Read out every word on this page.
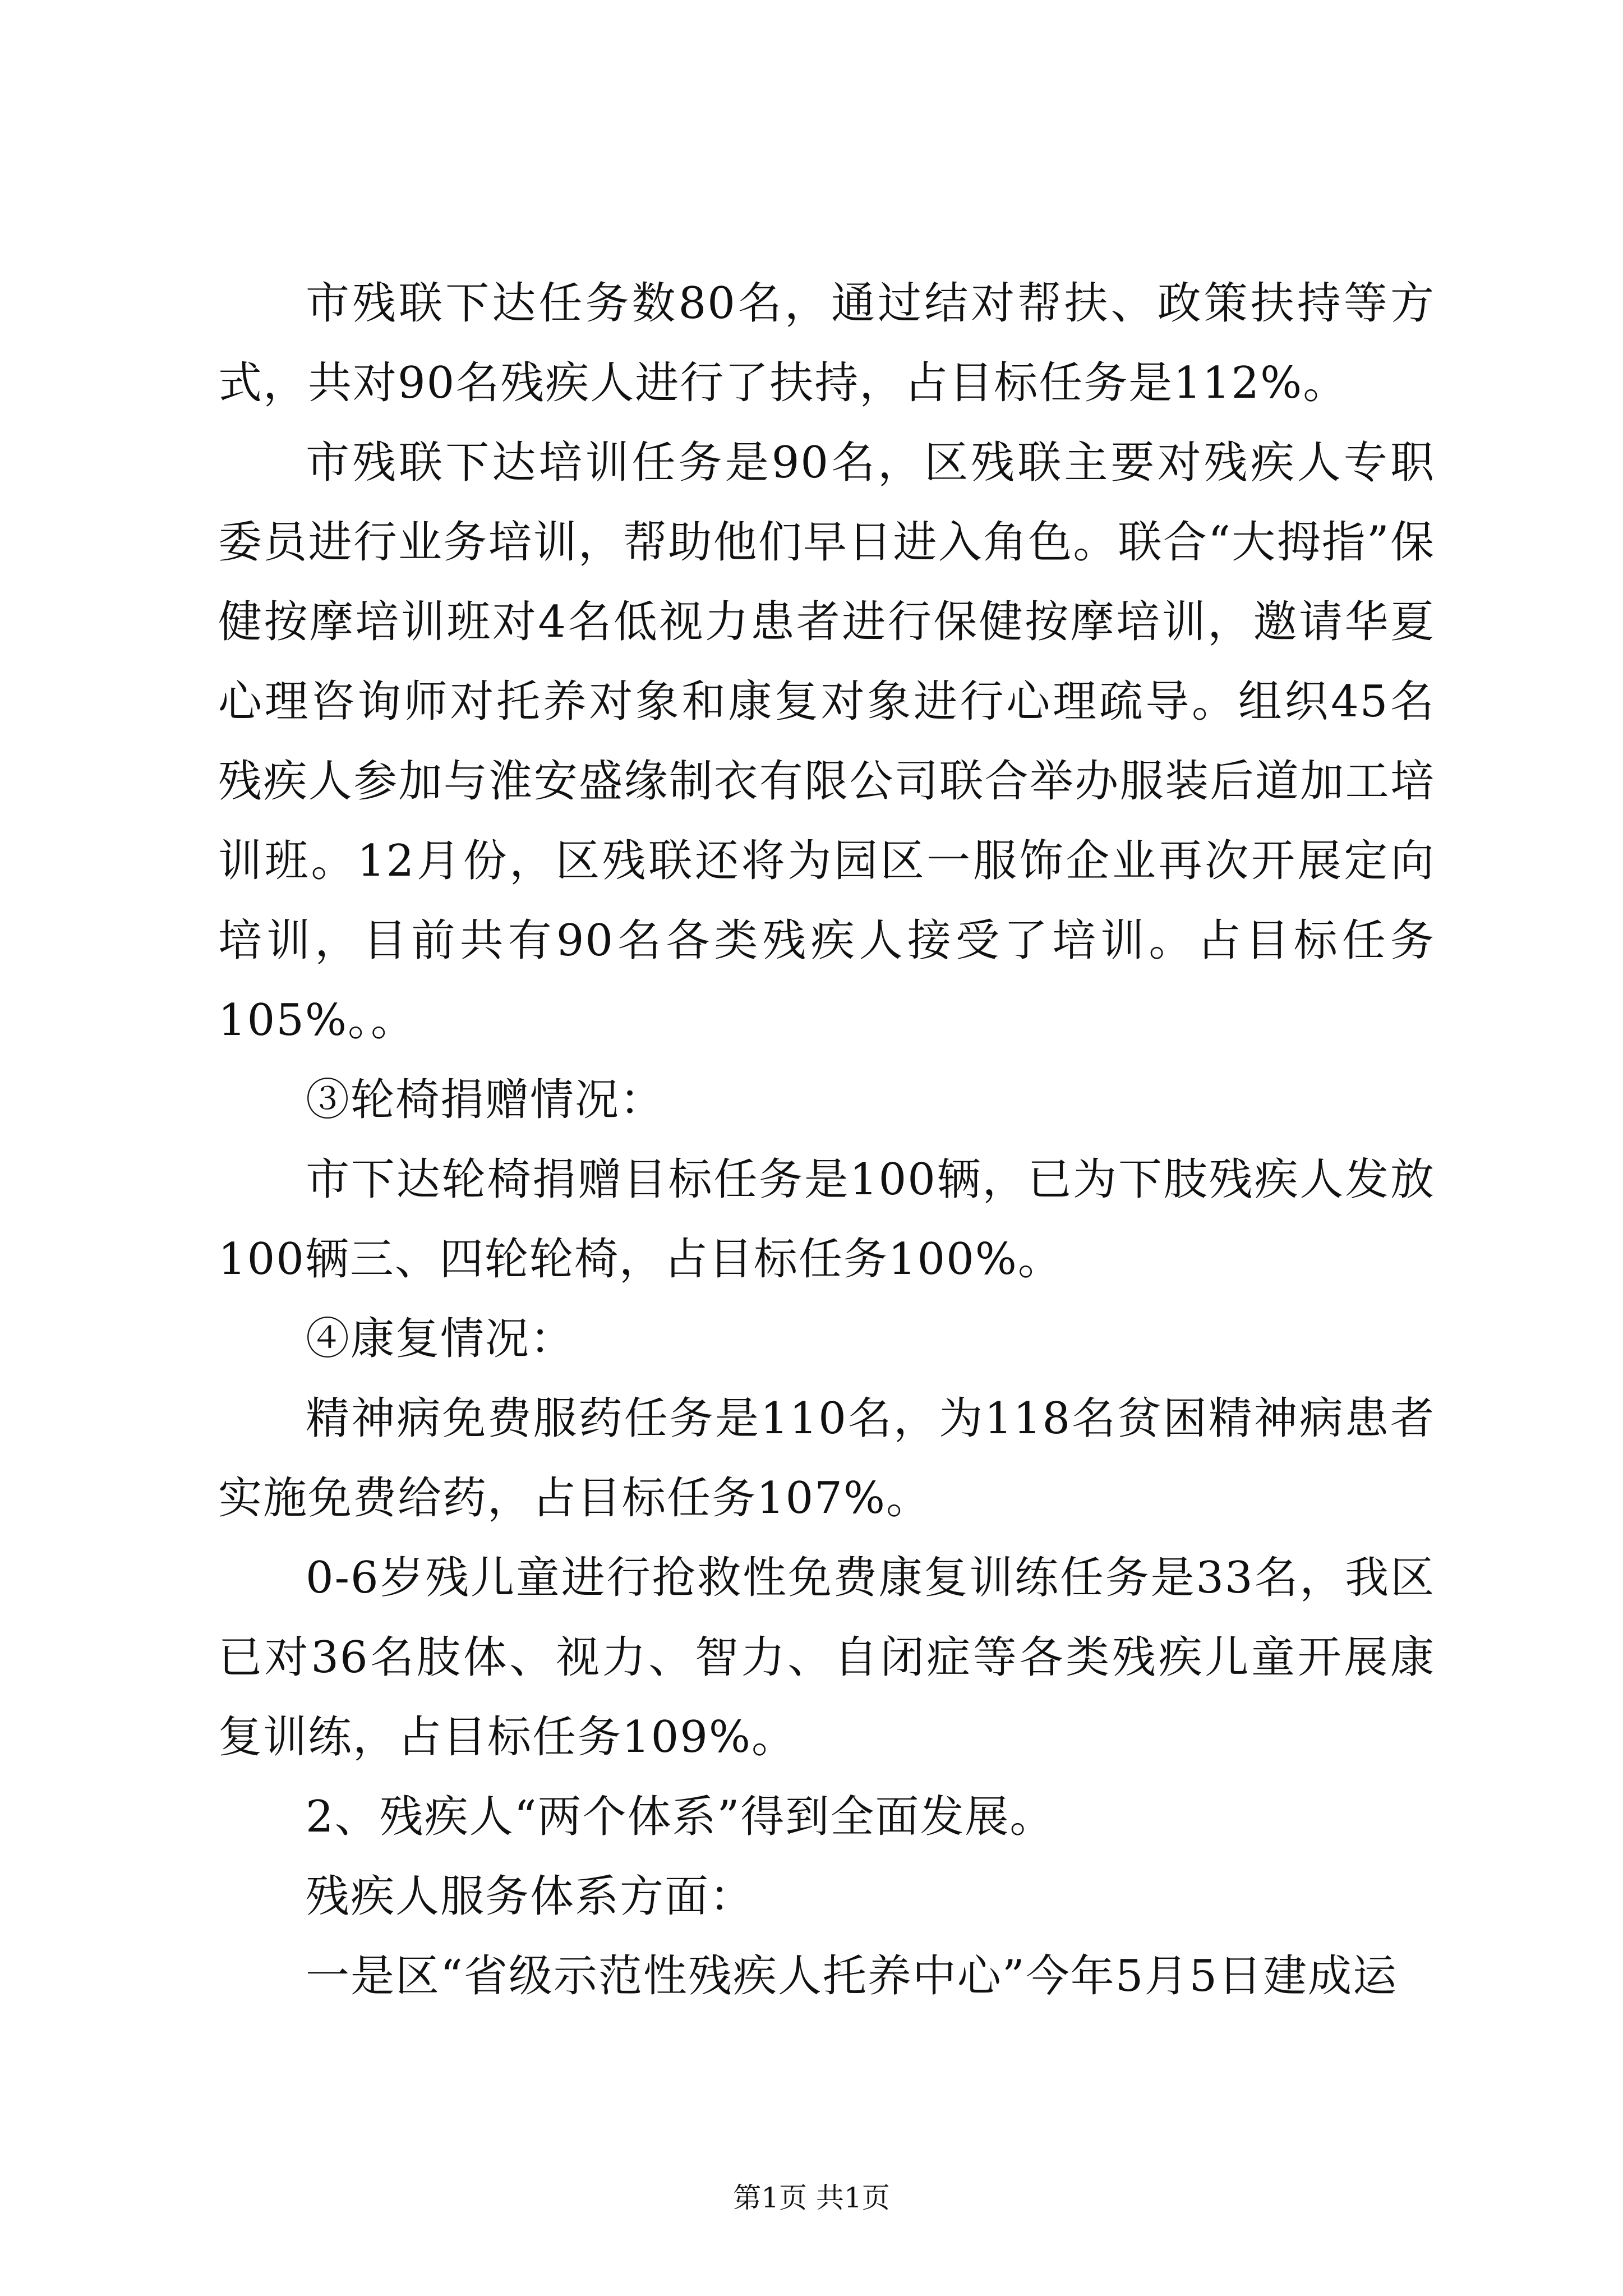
市残联下达任务数80名，通过结对帮扶、政策扶持等方式，共对90名残疾人进行了扶持，占目标任务是112%。

市残联下达培训任务是90名，区残联主要对残疾人专职委员进行业务培训，帮助他们早日进入角色。联合“大拇指”保健按摩培训班对4名低视力患者进行保健按摩培训，邀请华夏心理咨询师对托养对象和康复对象进行心理疏导。组织45名残疾人参加与淮安盛缘制衣有限公司联合举办服装后道加工培训班。12月份，区残联还将为园区一服饰企业再次开展定向培训，目前共有90名各类残疾人接受了培训。占目标任务105%。。

③轮椅捐赠情况：

市下达轮椅捐赠目标任务是100辆，已为下肢残疾人发放100辆三、四轮轮椅，占目标任务100%。

④康复情况：

精神病免费服药任务是110名，为118名贫困精神病患者实施免费给药，占目标任务107%。

0-6岁残儿童进行抢救性免费康复训练任务是33名，我区已对36名肢体、视力、智力、自闭症等各类残疾儿童开展康复训练，占目标任务109%。

2、残疾人“两个体系”得到全面发展。

残疾人服务体系方面：

一是区“省级示范性残疾人托养中心”今年5月5日建成运

第1页 共1页
